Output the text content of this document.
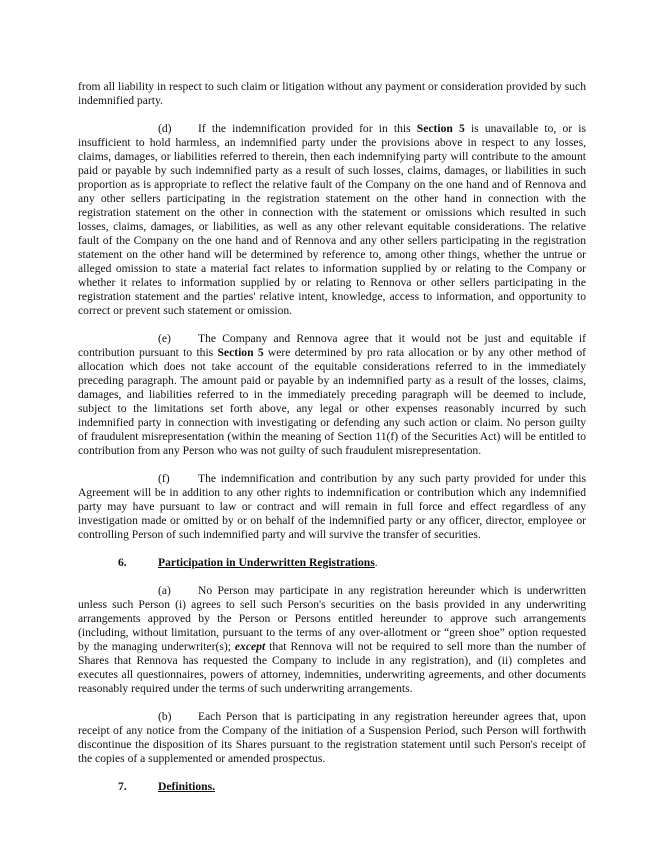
from all liability in respect to such claim or litigation without any payment or consideration provided by such indemnified party.

(d) If the indemnification provided for in this Section 5 is unavailable to, or is insufficient to hold harmless, an indemnified party under the provisions above in respect to any losses, claims, damages, or liabilities referred to therein, then each indemnifying party will contribute to the amount paid or payable by such indemnified party as a result of such losses, claims, damages, or liabilities in such proportion as is appropriate to reflect the relative fault of the Company on the one hand and of Rennova and any other sellers participating in the registration statement on the other hand in connection with the registration statement on the other in connection with the statement or omissions which resulted in such losses, claims, damages, or liabilities, as well as any other relevant equitable considerations. The relative fault of the Company on the one hand and of Rennova and any other sellers participating in the registration statement on the other hand will be determined by reference to, among other things, whether the untrue or alleged omission to state a material fact relates to information supplied by or relating to the Company or whether it relates to information supplied by or relating to Rennova or other sellers participating in the registration statement and the parties' relative intent, knowledge, access to information, and opportunity to correct or prevent such statement or omission.

(e) The Company and Rennova agree that it would not be just and equitable if contribution pursuant to this Section 5 were determined by pro rata allocation or by any other method of allocation which does not take account of the equitable considerations referred to in the immediately preceding paragraph. The amount paid or payable by an indemnified party as a result of the losses, claims, damages, and liabilities referred to in the immediately preceding paragraph will be deemed to include, subject to the limitations set forth above, any legal or other expenses reasonably incurred by such indemnified party in connection with investigating or defending any such action or claim. No person guilty of fraudulent misrepresentation (within the meaning of Section 11(f) of the Securities Act) will be entitled to contribution from any Person who was not guilty of such fraudulent misrepresentation.

(f) The indemnification and contribution by any such party provided for under this Agreement will be in addition to any other rights to indemnification or contribution which any indemnified party may have pursuant to law or contract and will remain in full force and effect regardless of any investigation made or omitted by or on behalf of the indemnified party or any officer, director, employee or controlling Person of such indemnified party and will survive the transfer of securities.

6.	Participation in Underwritten Registrations.

(a) No Person may participate in any registration hereunder which is underwritten unless such Person (i) agrees to sell such Person's securities on the basis provided in any underwriting arrangements approved by the Person or Persons entitled hereunder to approve such arrangements (including, without limitation, pursuant to the terms of any over-allotment or “green shoe” option requested by the managing underwriter(s); except that Rennova will not be required to sell more than the number of Shares that Rennova has requested the Company to include in any registration), and (ii) completes and executes all questionnaires, powers of attorney, indemnities, underwriting agreements, and other documents reasonably required under the terms of such underwriting arrangements.

(b) Each Person that is participating in any registration hereunder agrees that, upon receipt of any notice from the Company of the initiation of a Suspension Period, such Person will forthwith discontinue the disposition of its Shares pursuant to the registration statement until such Person's receipt of the copies of a supplemented or amended prospectus.

7.	Definitions.
